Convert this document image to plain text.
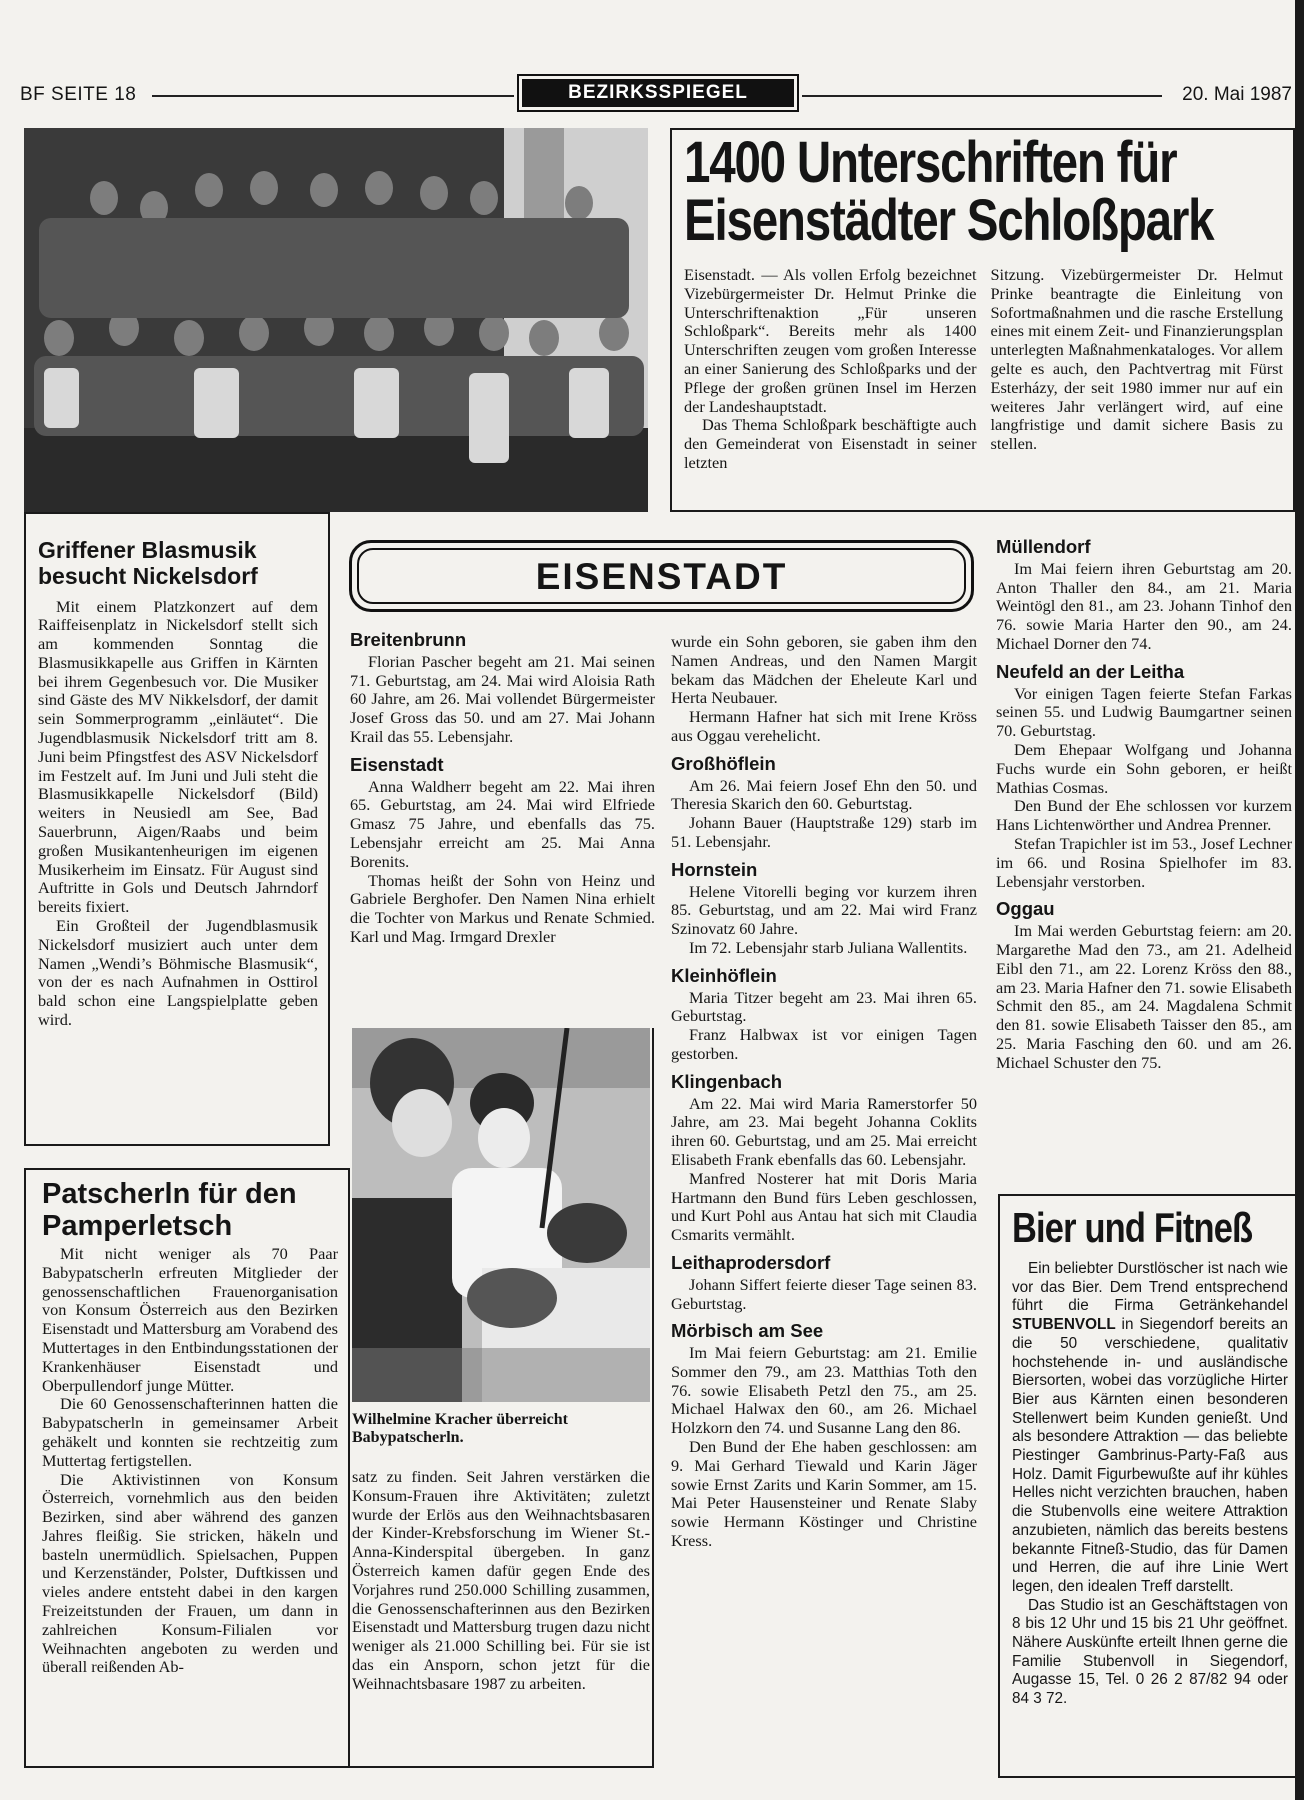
BF SEITE 18	BEZIRKSSPIEGEL	20. Mai 1987
1400 Unterschriften für
Eisenstädter Schloßpark

Eisenstadt. — Als vollen Erfolg bezeichnet Vizebürgermeister Dr. Helmut Prinke die Unterschriftenaktion „Für unseren Schloßpark“. Bereits mehr als 1400 Unterschriften zeugen vom großen Interesse an einer Sanierung des Schloßparks und der Pflege der großen grünen Insel im Herzen der Landeshauptstadt.

Das Thema Schloßpark beschäftigte auch den Gemeinderat von Eisenstadt in seiner letzten

Sitzung. Vizebürgermeister Dr. Helmut Prinke beantragte die Einleitung von Sofortmaßnahmen und die rasche Erstellung eines mit einem Zeit- und Finanzierungsplan unterlegten Maßnahmenkataloges. Vor allem gelte es auch, den Pachtvertrag mit Fürst Esterházy, der seit 1980 immer nur auf ein weiteres Jahr verlängert wird, auf eine langfristige und damit sichere Basis zu stellen.

Griffener Blasmusik besucht Nickelsdorf

Mit einem Platzkonzert auf dem Raiffeisenplatz in Nickelsdorf stellt sich am kommenden Sonntag die Blasmusikkapelle aus Griffen in Kärnten bei ihrem Gegenbesuch vor. Die Musiker sind Gäste des MV Nikkelsdorf, der damit sein Sommerprogramm „einläutet“. Die Jugendblasmusik Nickelsdorf tritt am 8. Juni beim Pfingstfest des ASV Nickelsdorf im Festzelt auf. Im Juni und Juli steht die Blasmusikkapelle Nickelsdorf (Bild) weiters in Neusiedl am See, Bad Sauerbrunn, Aigen/Raabs und beim großen Musikantenheurigen im eigenen Musikerheim im Einsatz. Für August sind Auftritte in Gols und Deutsch Jahrndorf bereits fixiert.

Ein Großteil der Jugendblasmusik Nickelsdorf musiziert auch unter dem Namen „Wendi’s Böhmische Blasmusik“, von der es nach Aufnahmen in Osttirol bald schon eine Langspielplatte geben wird.

Patscherln für den Pamperletsch

Mit nicht weniger als 70 Paar Babypatscherln erfreuten Mitglieder der genossenschaftlichen Frauenorganisation von Konsum Österreich aus den Bezirken Eisenstadt und Mattersburg am Vorabend des Muttertages in den Entbindungsstationen der Krankenhäuser Eisenstadt und Oberpullendorf junge Mütter.

Die 60 Genossenschafterinnen hatten die Babypatscherln in gemeinsamer Arbeit gehäkelt und konnten sie rechtzeitig zum Muttertag fertigstellen.

Die Aktivistinnen von Konsum Österreich, vornehmlich aus den beiden Bezirken, sind aber während des ganzen Jahres fleißig. Sie stricken, häkeln und basteln unermüdlich. Spielsachen, Puppen und Kerzenständer, Polster, Duftkissen und vieles andere entsteht dabei in den kargen Freizeitstunden der Frauen, um dann in zahlreichen Konsum-Filialen vor Weihnachten angeboten zu werden und überall reißenden Ab-

Wilhelmine Kracher überreicht Babypatscherln.

satz zu finden. Seit Jahren verstärken die Konsum-Frauen ihre Aktivitäten; zuletzt wurde der Erlös aus den Weihnachtsbasaren der Kinder-Krebsforschung im Wiener St.-Anna-Kinderspital übergeben. In ganz Österreich kamen dafür gegen Ende des Vorjahres rund 250.000 Schilling zusammen, die Genossenschafterinnen aus den Bezirken Eisenstadt und Mattersburg trugen dazu nicht weniger als 21.000 Schilling bei. Für sie ist das ein Ansporn, schon jetzt für die Weihnachtsbasare 1987 zu arbeiten.

EISENSTADT
Breitenbrunn

Florian Pascher begeht am 21. Mai seinen 71. Geburtstag, am 24. Mai wird Aloisia Rath 60 Jahre, am 26. Mai vollendet Bürgermeister Josef Gross das 50. und am 27. Mai Johann Krail das 55. Lebensjahr.

Eisenstadt

Anna Waldherr begeht am 22. Mai ihren 65. Geburtstag, am 24. Mai wird Elfriede Gmasz 75 Jahre, und ebenfalls das 75. Lebensjahr erreicht am 25. Mai Anna Borenits.

Thomas heißt der Sohn von Heinz und Gabriele Berghofer. Den Namen Nina erhielt die Tochter von Markus und Renate Schmied. Karl und Mag. Irmgard Drexler

wurde ein Sohn geboren, sie gaben ihm den Namen Andreas, und den Namen Margit bekam das Mädchen der Eheleute Karl und Herta Neubauer.

Hermann Hafner hat sich mit Irene Kröss aus Oggau verehelicht.

Großhöflein

Am 26. Mai feiern Josef Ehn den 50. und Theresia Skarich den 60. Geburtstag.

Johann Bauer (Hauptstraße 129) starb im 51. Lebensjahr.

Hornstein

Helene Vitorelli beging vor kurzem ihren 85. Geburtstag, und am 22. Mai wird Franz Szinovatz 60 Jahre.

Im 72. Lebensjahr starb Juliana Wallentits.

Kleinhöflein

Maria Titzer begeht am 23. Mai ihren 65. Geburtstag.

Franz Halbwax ist vor einigen Tagen gestorben.

Klingenbach

Am 22. Mai wird Maria Ramerstorfer 50 Jahre, am 23. Mai begeht Johanna Coklits ihren 60. Geburtstag, und am 25. Mai erreicht Elisabeth Frank ebenfalls das 60. Lebensjahr.

Manfred Nosterer hat mit Doris Maria Hartmann den Bund fürs Leben geschlossen, und Kurt Pohl aus Antau hat sich mit Claudia Csmarits vermählt.

Leithaprodersdorf

Johann Siffert feierte dieser Tage seinen 83. Geburtstag.

Mörbisch am See

Im Mai feiern Geburtstag: am 21. Emilie Sommer den 79., am 23. Matthias Toth den 76. sowie Elisabeth Petzl den 75., am 25. Michael Halwax den 60., am 26. Michael Holzkorn den 74. und Susanne Lang den 86.

Den Bund der Ehe haben geschlossen: am 9. Mai Gerhard Tiewald und Karin Jäger sowie Ernst Zarits und Karin Sommer, am 15. Mai Peter Hausensteiner und Renate Slaby sowie Hermann Köstinger und Christine Kress.

Müllendorf

Im Mai feiern ihren Geburtstag am 20. Anton Thaller den 84., am 21. Maria Weintögl den 81., am 23. Johann Tinhof den 76. sowie Maria Harter den 90., am 24. Michael Dorner den 74.

Neufeld an der Leitha

Vor einigen Tagen feierte Stefan Farkas seinen 55. und Ludwig Baumgartner seinen 70. Geburtstag.

Dem Ehepaar Wolfgang und Johanna Fuchs wurde ein Sohn geboren, er heißt Mathias Cosmas.

Den Bund der Ehe schlossen vor kurzem Hans Lichtenwörther und Andrea Prenner.

Stefan Trapichler ist im 53., Josef Lechner im 66. und Rosina Spielhofer im 83. Lebensjahr verstorben.

Oggau

Im Mai werden Geburtstag feiern: am 20. Margarethe Mad den 73., am 21. Adelheid Eibl den 71., am 22. Lorenz Kröss den 88., am 23. Maria Hafner den 71. sowie Elisabeth Schmit den 85., am 24. Magdalena Schmit den 81. sowie Elisabeth Taisser den 85., am 25. Maria Fasching den 60. und am 26. Michael Schuster den 75.

Bier und Fitneß

Ein beliebter Durstlöscher ist nach wie vor das Bier. Dem Trend entsprechend führt die Firma Getränkehandel STUBENVOLL in Siegendorf bereits an die 50 verschiedene, qualitativ hochstehende in- und ausländische Biersorten, wobei das vorzügliche Hirter Bier aus Kärnten einen besonderen Stellenwert beim Kunden genießt. Und als besondere Attraktion — das beliebte Piestinger Gambrinus-Party-Faß aus Holz. Damit Figurbewußte auf ihr kühles Helles nicht verzichten brauchen, haben die Stubenvolls eine weitere Attraktion anzubieten, nämlich das bereits bestens bekannte Fitneß-Studio, das für Damen und Herren, die auf ihre Linie Wert legen, den idealen Treff darstellt.

Das Studio ist an Geschäftstagen von 8 bis 12 Uhr und 15 bis 21 Uhr geöffnet. Nähere Auskünfte erteilt Ihnen gerne die Familie Stubenvoll in Siegendorf, Augasse 15, Tel. 0 26 2 87/82 94 oder 84 3 72.
